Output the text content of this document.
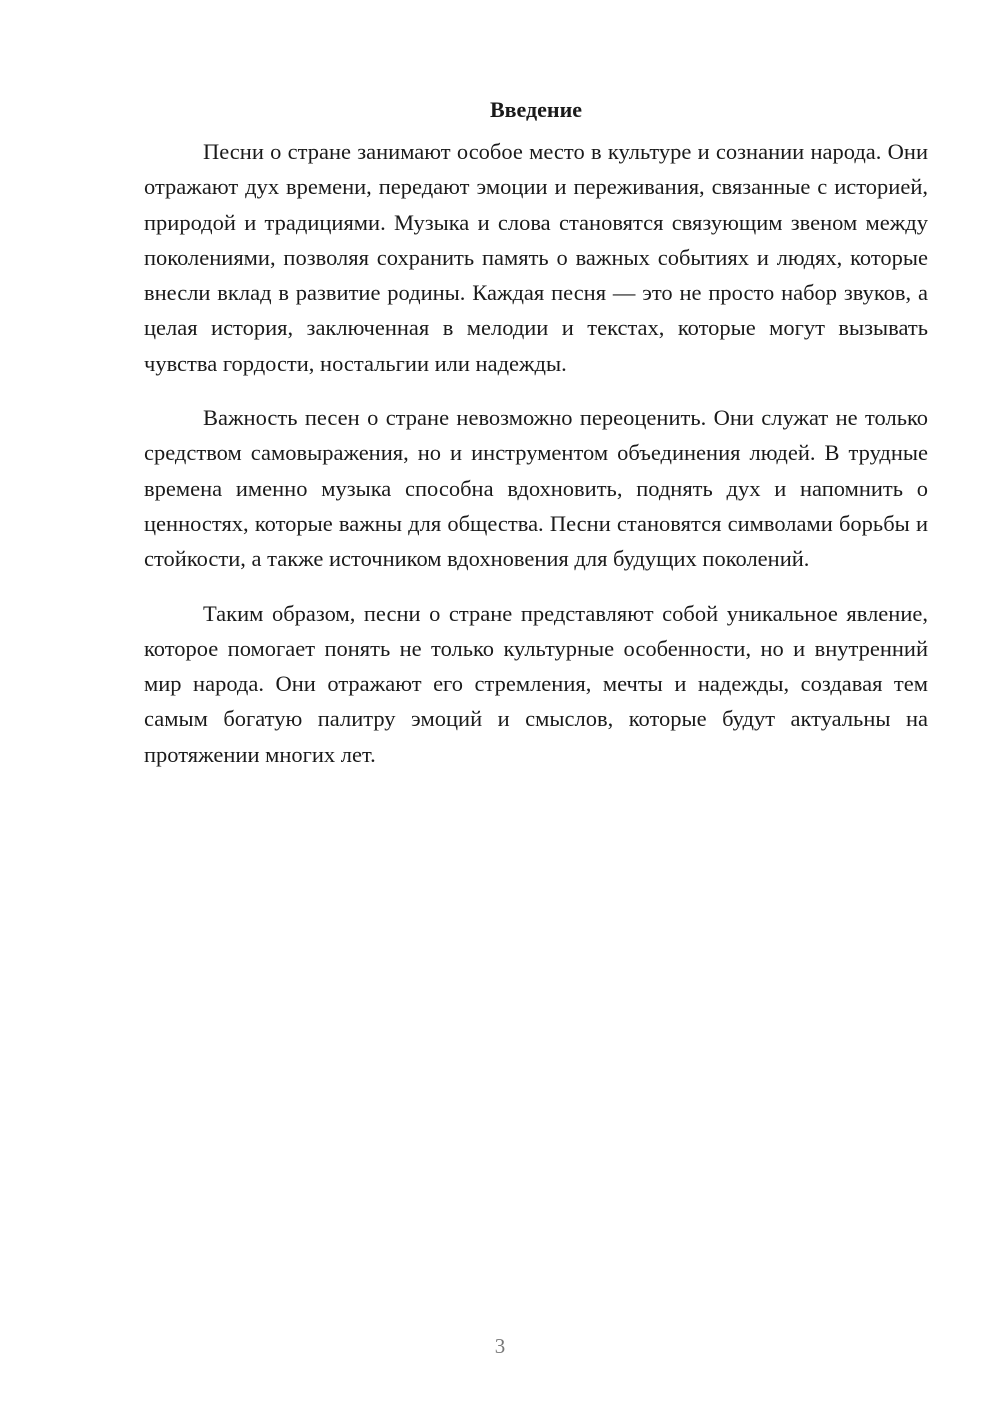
Введение

Песни о стране занимают особое место в культуре и сознании народа. Они отражают дух времени, передают эмоции и переживания, связанные с историей, природой и традициями. Музыка и слова становятся связующим звеном между поколениями, позволяя сохранить память о важных событиях и людях, которые внесли вклад в развитие родины. Каждая песня — это не просто набор звуков, а целая история, заключенная в мелодии и текстах, которые могут вызывать чувства гордости, ностальгии или надежды.

Важность песен о стране невозможно переоценить. Они служат не только средством самовыражения, но и инструментом объединения людей. В трудные времена именно музыка способна вдохновить, поднять дух и напомнить о ценностях, которые важны для общества. Песни становятся символами борьбы и стойкости, а также источником вдохновения для будущих поколений.

Таким образом, песни о стране представляют собой уникальное явление, которое помогает понять не только культурные особенности, но и внутренний мир народа. Они отражают его стремления, мечты и надежды, создавая тем самым богатую палитру эмоций и смыслов, которые будут актуальны на протяжении многих лет.

3
